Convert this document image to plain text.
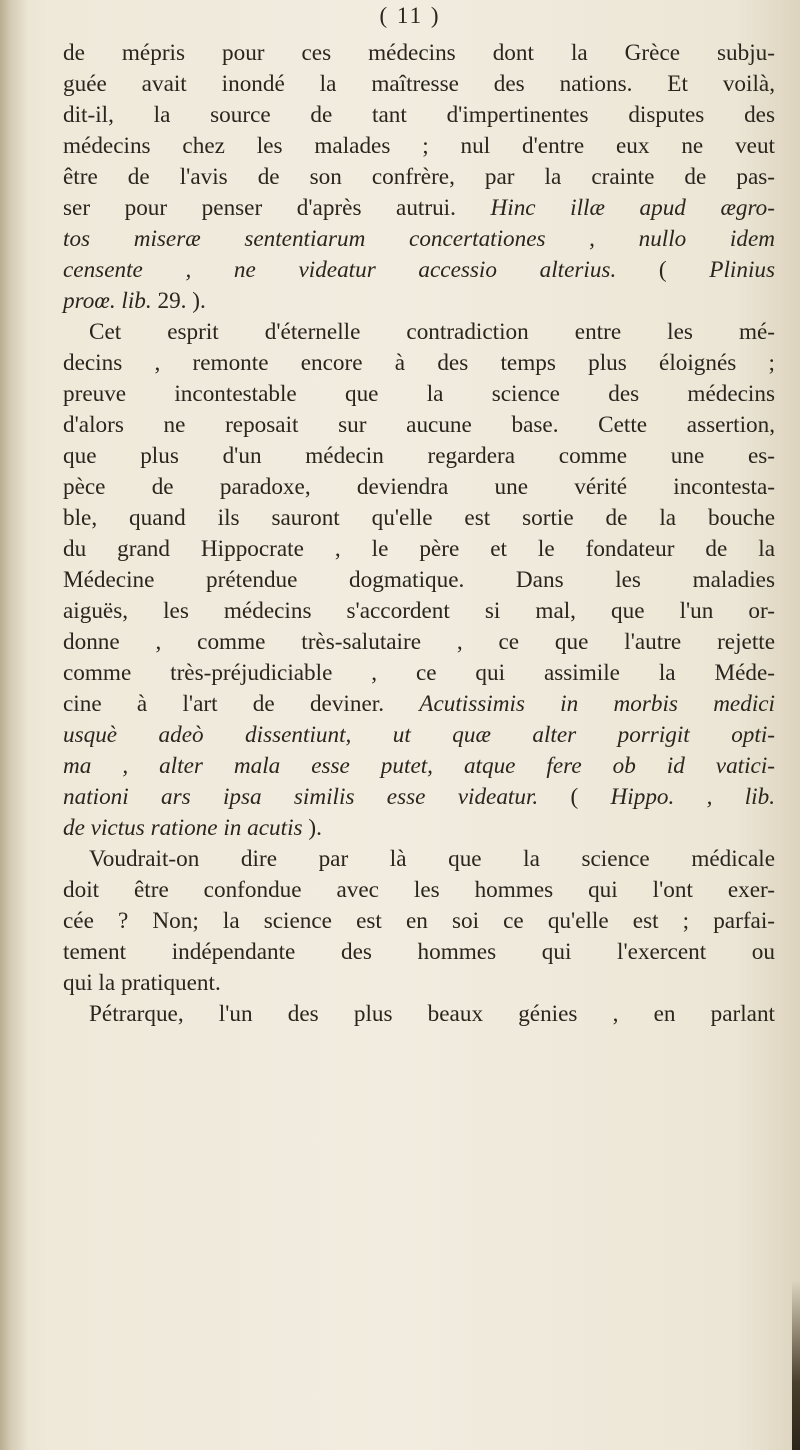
( 11 )
de mépris pour ces médecins dont la Grèce subju-
guée avait inondé la maîtresse des nations. Et voilà,
dit-il, la source de tant d'impertinentes disputes des
médecins chez les malades ; nul d'entre eux ne veut
être de l'avis de son confrère, par la crainte de pas-
ser pour penser d'après autrui. Hinc illæ apud ægro-
tos miseræ sententiarum concertationes , nullo idem
censente , ne videatur accessio alterius. ( Plinius
proœ. lib. 29. ).
Cet esprit d'éternelle contradiction entre les mé-
decins , remonte encore à des temps plus éloignés ;
preuve incontestable que la science des médecins
d'alors ne reposait sur aucune base. Cette assertion,
que plus d'un médecin regardera comme une es-
pèce de paradoxe, deviendra une vérité incontesta-
ble, quand ils sauront qu'elle est sortie de la bouche
du grand Hippocrate , le père et le fondateur de la
Médecine prétendue dogmatique. Dans les maladies
aiguës, les médecins s'accordent si mal, que l'un or-
donne , comme très-salutaire , ce que l'autre rejette
comme très-préjudiciable , ce qui assimile la Méde-
cine à l'art de deviner. Acutissimis in morbis medici
usquè adeò dissentiunt, ut quæ alter porrigit opti-
ma , alter mala esse putet, atque fere ob id vatici-
nationi ars ipsa similis esse videatur. ( Hippo. , lib.
de victus ratione in acutis ).
Voudrait-on dire par là que la science médicale
doit être confondue avec les hommes qui l'ont exer-
cée ? Non; la science est en soi ce qu'elle est ; parfai-
tement indépendante des hommes qui l'exercent ou
qui la pratiquent.
Pétrarque, l'un des plus beaux génies , en parlant
